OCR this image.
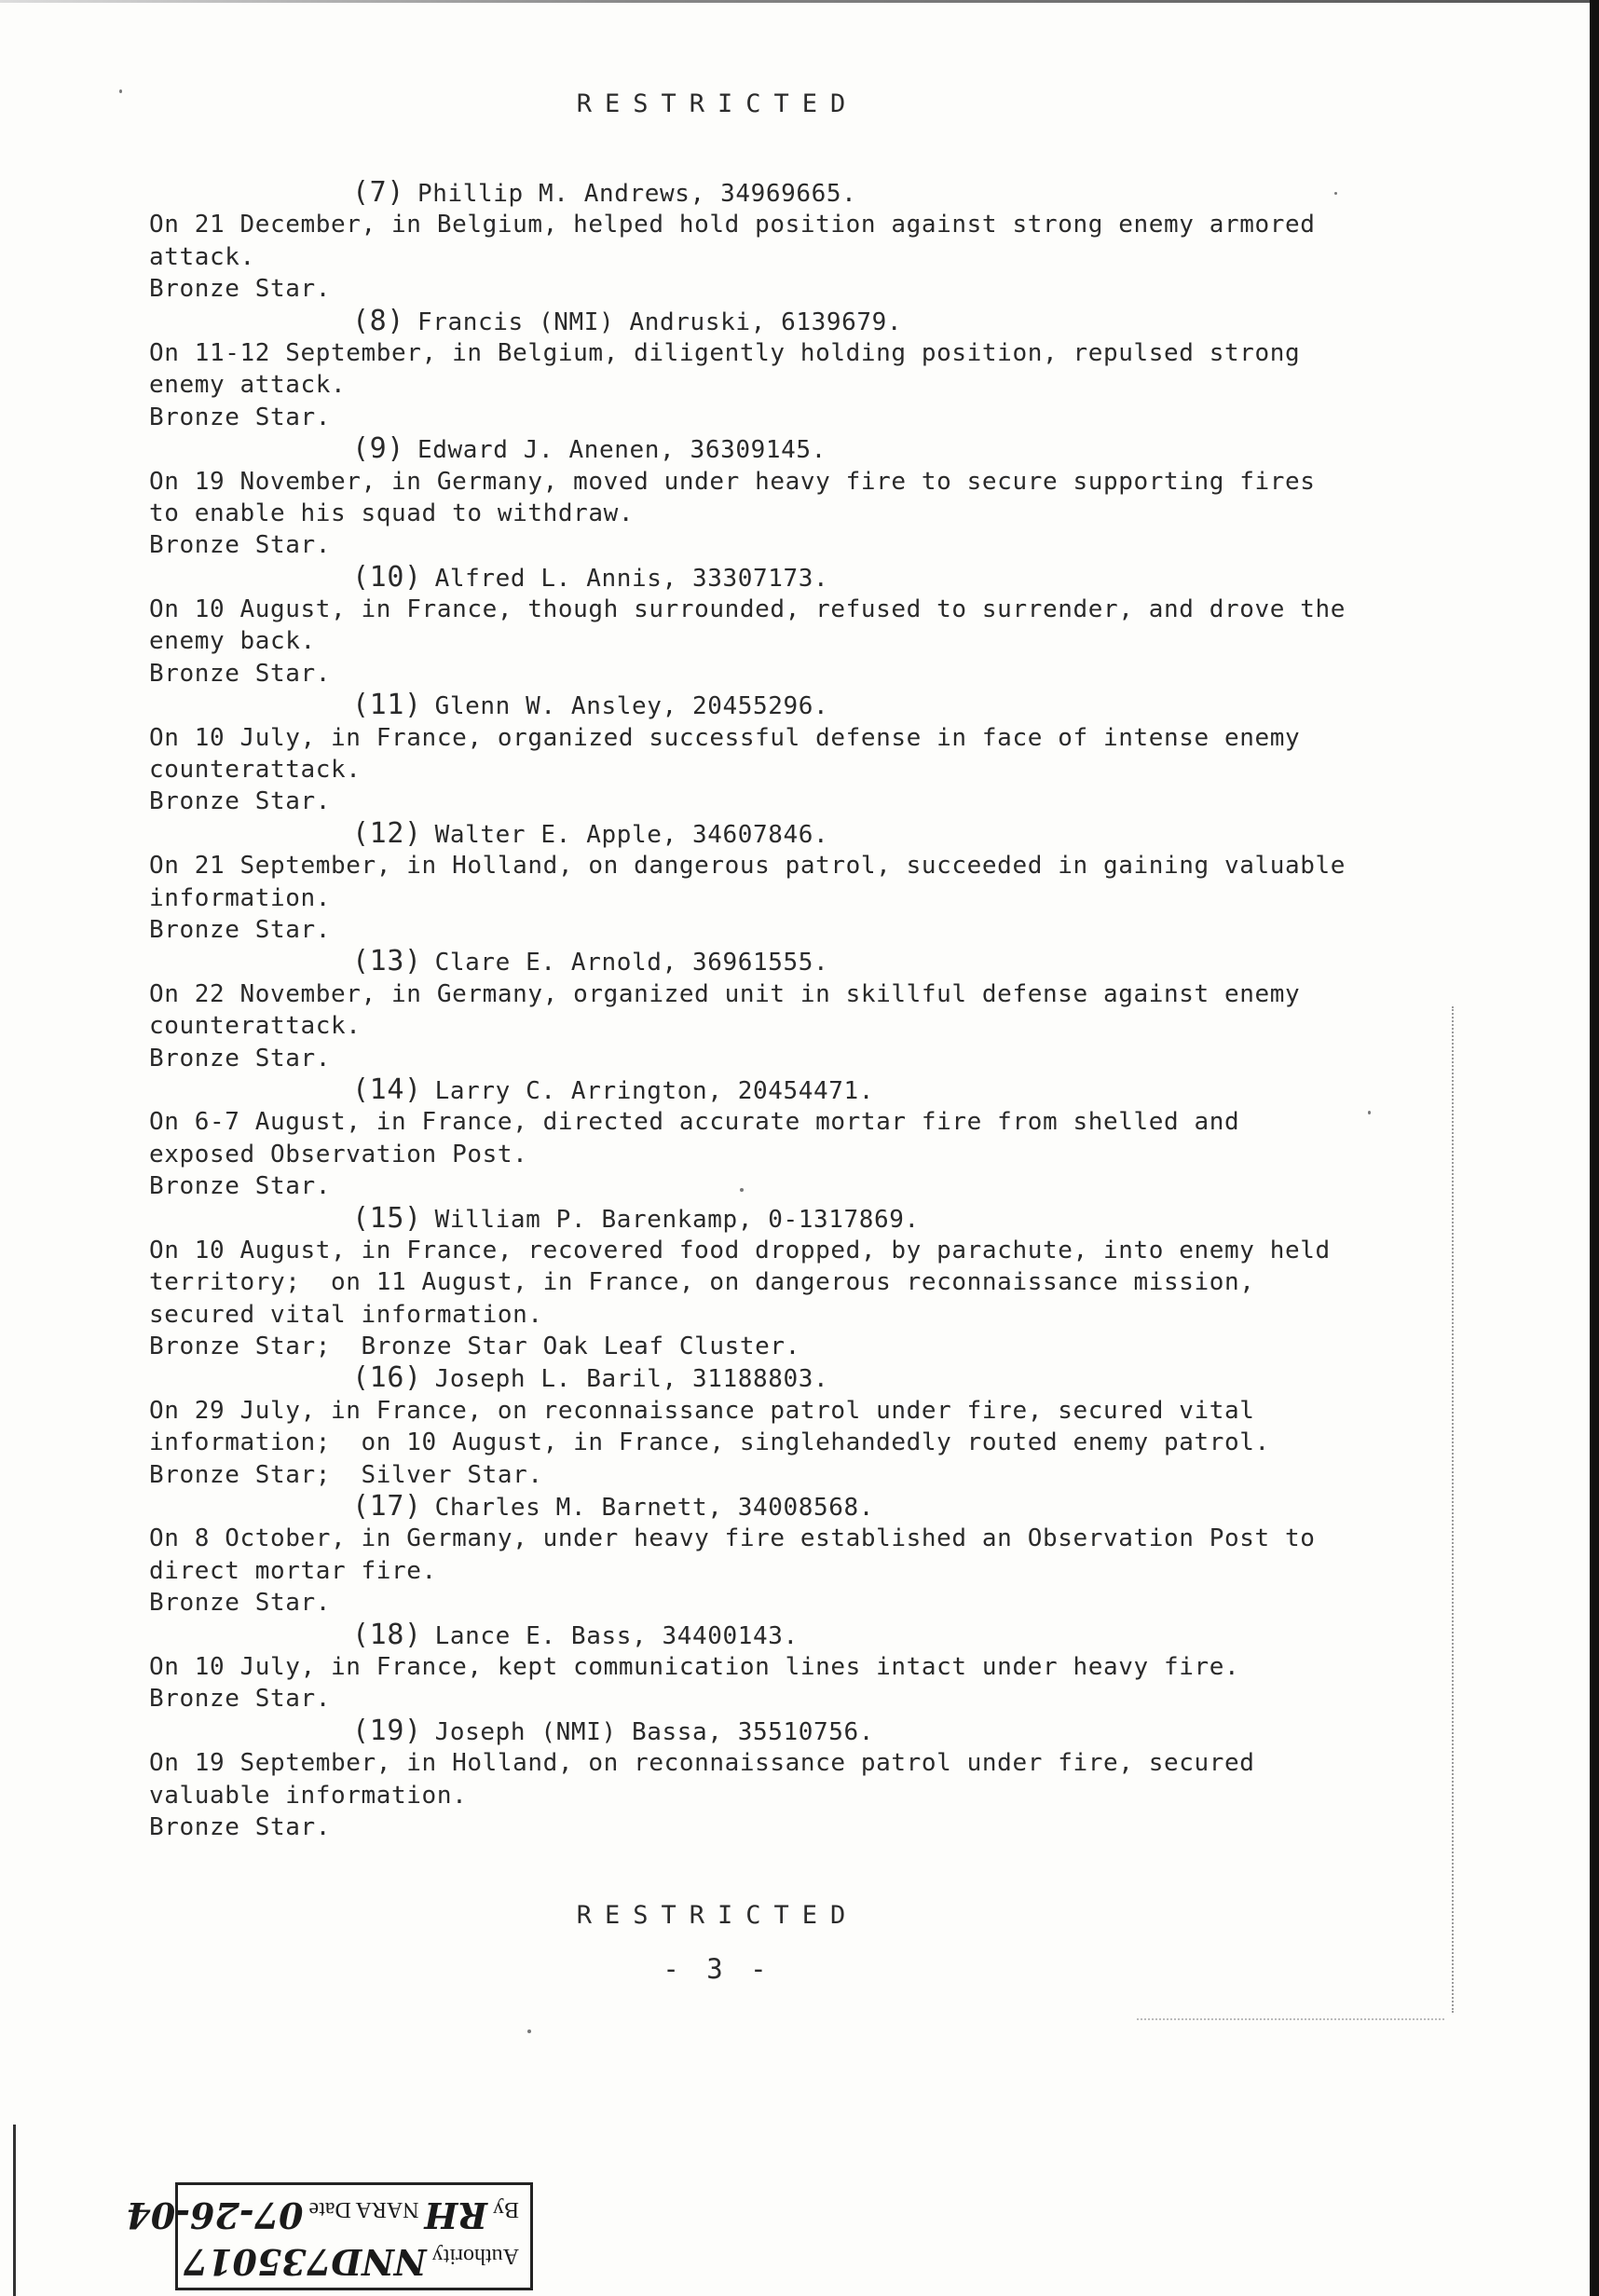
RESTRICTED
(7) Phillip M. Andrews, 34969665.
On 21 December, in Belgium, helped hold position against strong enemy armored
attack.
Bronze Star.
(8) Francis (NMI) Andruski, 6139679.
On 11-12 September, in Belgium, diligently holding position, repulsed strong
enemy attack.
Bronze Star.
(9) Edward J. Anenen, 36309145.
On 19 November, in Germany, moved under heavy fire to secure supporting fires
to enable his squad to withdraw.
Bronze Star.
(10) Alfred L. Annis, 33307173.
On 10 August, in France, though surrounded, refused to surrender, and drove the
enemy back.
Bronze Star.
(11) Glenn W. Ansley, 20455296.
On 10 July, in France, organized successful defense in face of intense enemy
counterattack.
Bronze Star.
(12) Walter E. Apple, 34607846.
On 21 September, in Holland, on dangerous patrol, succeeded in gaining valuable
information.
Bronze Star.
(13) Clare E. Arnold, 36961555.
On 22 November, in Germany, organized unit in skillful defense against enemy
counterattack.
Bronze Star.
(14) Larry C. Arrington, 20454471.
On 6-7 August, in France, directed accurate mortar fire from shelled and
exposed Observation Post.
Bronze Star.
(15) William P. Barenkamp, 0-1317869.
On 10 August, in France, recovered food dropped, by parachute, into enemy held
territory;  on 11 August, in France, on dangerous reconnaissance mission,
secured vital information.
Bronze Star;  Bronze Star Oak Leaf Cluster.
(16) Joseph L. Baril, 31188803.
On 29 July, in France, on reconnaissance patrol under fire, secured vital
information;  on 10 August, in France, singlehandedly routed enemy patrol.
Bronze Star;  Silver Star.
(17) Charles M. Barnett, 34008568.
On 8 October, in Germany, under heavy fire established an Observation Post to
direct mortar fire.
Bronze Star.
(18) Lance E. Bass, 34400143.
On 10 July, in France, kept communication lines intact under heavy fire.
Bronze Star.
(19) Joseph (NMI) Bassa, 35510756.
On 19 September, in Holland, on reconnaissance patrol under fire, secured
valuable information.
Bronze Star.
RESTRICTED
- 3 -
Authority NND735017
By RH NARA Date 07-26-04
